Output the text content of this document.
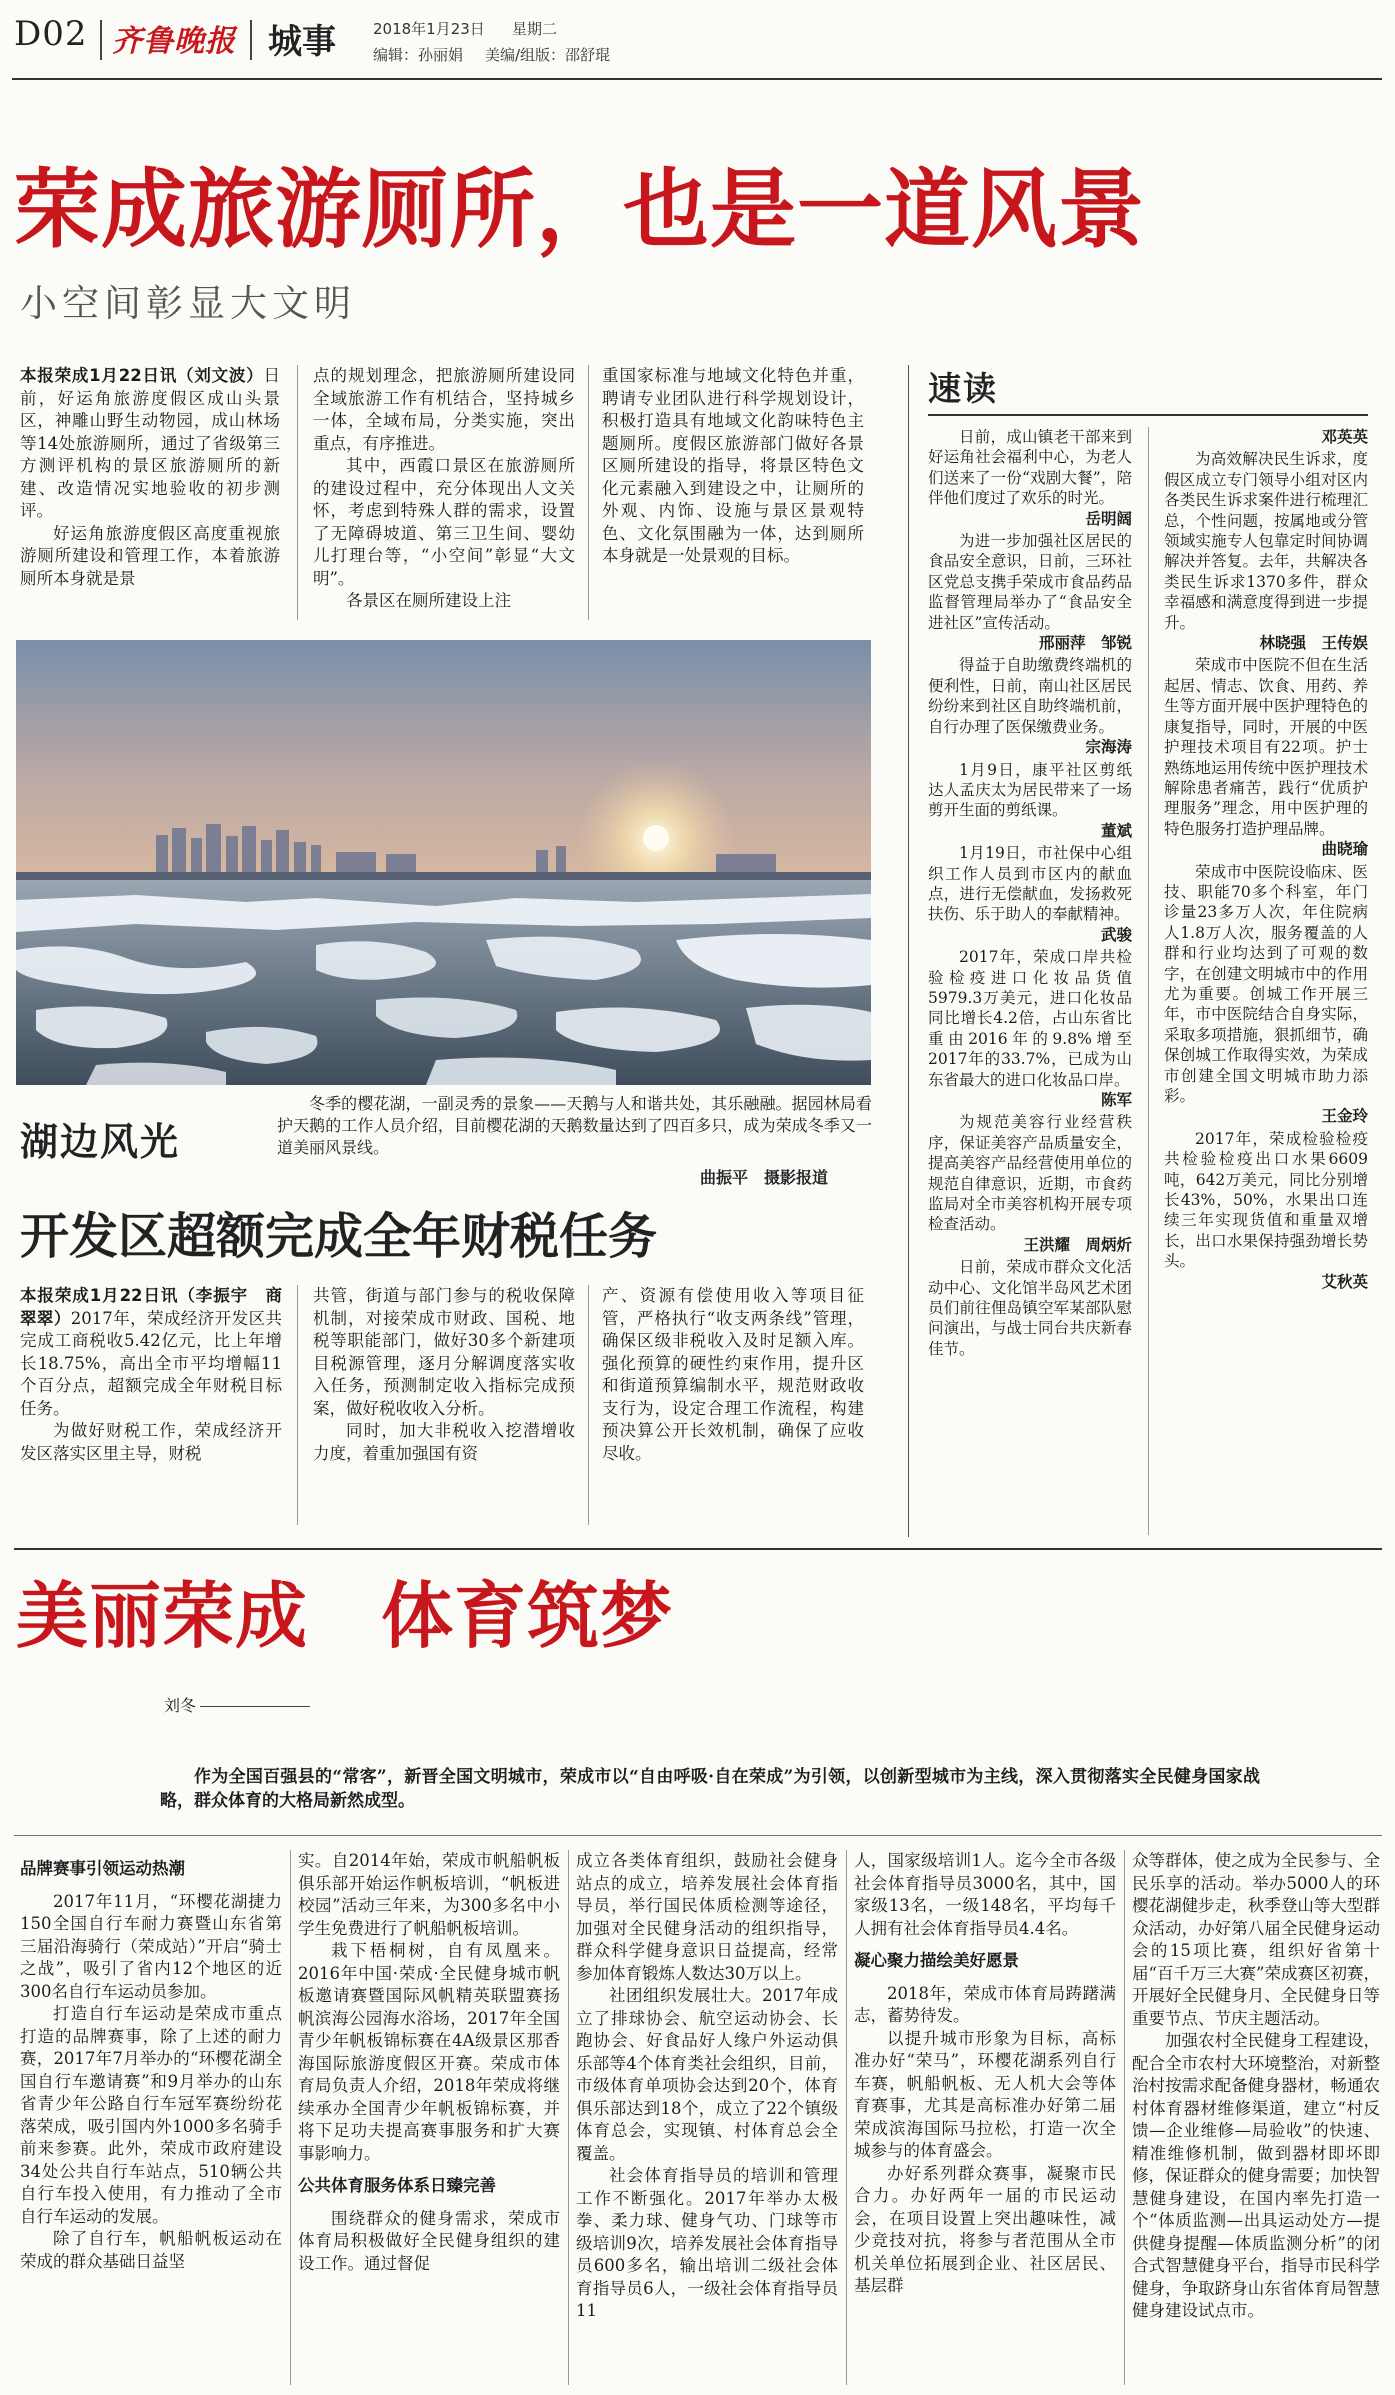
D02 齐鲁晚报 城事 2018年1月23日 星期二
编辑：孙丽娟 美编/组版：邵舒琨
荣成旅游厕所，也是一道风景
小空间彰显大文明

本报荣成1月22日讯（刘文波）日前，好运角旅游度假区成山头景区，神雕山野生动物园，成山林场等14处旅游厕所，通过了省级第三方测评机构的景区旅游厕所的新建、改造情况实地验收的初步测评。

好运角旅游度假区高度重视旅游厕所建设和管理工作，本着旅游厕所本身就是景

点的规划理念，把旅游厕所建设同全域旅游工作有机结合，坚持城乡一体，全域布局，分类实施，突出重点，有序推进。

其中，西霞口景区在旅游厕所的建设过程中，充分体现出人文关怀，考虑到特殊人群的需求，设置了无障碍坡道、第三卫生间、婴幼儿打理台等，“小空间”彰显“大文明”。

各景区在厕所建设上注

重国家标准与地域文化特色并重，聘请专业团队进行科学规划设计，积极打造具有地域文化韵味特色主题厕所。度假区旅游部门做好各景区厕所建设的指导，将景区特色文化元素融入到建设之中，让厕所的外观、内饰、设施与景区景观特色、文化氛围融为一体，达到厕所本身就是一处景观的目标。

湖边风光

冬季的樱花湖，一副灵秀的景象——天鹅与人和谐共处，其乐融融。据园林局看护天鹅的工作人员介绍，目前樱花湖的天鹅数量达到了四百多只，成为荣成冬季又一道美丽风景线。

曲振平　摄影报道
开发区超额完成全年财税任务

本报荣成1月22日讯（李振宇　商翠翠）2017年，荣成经济开发区共完成工商税收5.42亿元，比上年增长18.75%，高出全市平均增幅11个百分点，超额完成全年财税目标任务。

为做好财税工作，荣成经济开发区落实区里主导，财税

共管，街道与部门参与的税收保障机制，对接荣成市财政、国税、地税等职能部门，做好30多个新建项目税源管理，逐月分解调度落实收入任务，预测制定收入指标完成预案，做好税收收入分析。

同时，加大非税收入挖潜增收力度，着重加强国有资

产、资源有偿使用收入等项目征管，严格执行“收支两条线”管理，确保区级非税收入及时足额入库。强化预算的硬性约束作用，提升区和街道预算编制水平，规范财政收支行为，设定合理工作流程，构建预决算公开长效机制，确保了应收尽收。

速读

日前，成山镇老干部来到好运角社会福利中心，为老人们送来了一份“戏剧大餐”，陪伴他们度过了欢乐的时光。

岳明阔

为进一步加强社区居民的食品安全意识，日前，三环社区党总支携手荣成市食品药品监督管理局举办了“食品安全进社区”宣传活动。

邢丽萍　邹锐

得益于自助缴费终端机的便利性，日前，南山社区居民纷纷来到社区自助终端机前，自行办理了医保缴费业务。

宗海涛

1月9日，康平社区剪纸达人孟庆太为居民带来了一场剪开生面的剪纸课。

董斌

1月19日，市社保中心组织工作人员到市区内的献血点，进行无偿献血，发扬救死扶伤、乐于助人的奉献精神。

武骏

2017年，荣成口岸共检验检疫进口化妆品货值5979.3万美元，进口化妆品同比增长4.2倍，占山东省比重由2016年的9.8%增至2017年的33.7%，已成为山东省最大的进口化妆品口岸。

陈军

为规范美容行业经营秩序，保证美容产品质量安全，提高美容产品经营使用单位的规范自律意识，近期，市食药监局对全市美容机构开展专项检查活动。

王洪耀　周炳炘

日前，荣成市群众文化活动中心、文化馆半岛风艺术团员们前往俚岛镇空军某部队慰问演出，与战士同台共庆新春佳节。

邓英英

为高效解决民生诉求，度假区成立专门领导小组对区内各类民生诉求案件进行梳理汇总，个性问题，按属地或分管领域实施专人包靠定时间协调解决并答复。去年，共解决各类民生诉求1370多件，群众幸福感和满意度得到进一步提升。

林晓强　王传娱

荣成市中医院不但在生活起居、情志、饮食、用药、养生等方面开展中医护理特色的康复指导，同时，开展的中医护理技术项目有22项。护士熟练地运用传统中医护理技术解除患者痛苦，践行“优质护理服务”理念，用中医护理的特色服务打造护理品牌。

曲晓瑜

荣成市中医院设临床、医技、职能70多个科室，年门诊量23多万人次，年住院病人1.8万人次，服务覆盖的人群和行业均达到了可观的数字，在创建文明城市中的作用尤为重要。创城工作开展三年，市中医院结合自身实际，采取多项措施，狠抓细节，确保创城工作取得实效，为荣成市创建全国文明城市助力添彩。

王金玲

2017年，荣成检验检疫共检验检疫出口水果6609吨，642万美元，同比分别增长43%，50%，水果出口连续三年实现货值和重量双增长，出口水果保持强劲增长势头。

艾秋英

美丽荣成　体育筑梦
刘冬

作为全国百强县的“常客”，新晋全国文明城市，荣成市以“自由呼吸·自在荣成”为引领，以创新型城市为主线，深入贯彻落实全民健身国家战略，群众体育的大格局新然成型。

品牌赛事引领运动热潮

2017年11月，“环樱花湖捷力150全国自行车耐力赛暨山东省第三届沿海骑行（荣成站）”开启“骑士之战”，吸引了省内12个地区的近300名自行车运动员参加。

打造自行车运动是荣成市重点打造的品牌赛事，除了上述的耐力赛，2017年7月举办的“环樱花湖全国自行车邀请赛”和9月举办的山东省青少年公路自行车冠军赛纷纷花落荣成，吸引国内外1000多名骑手前来参赛。此外，荣成市政府建设34处公共自行车站点，510辆公共自行车投入使用，有力推动了全市自行车运动的发展。

除了自行车，帆船帆板运动在荣成的群众基础日益坚

实。自2014年始，荣成市帆船帆板俱乐部开始运作帆板培训，“帆板进校园”活动三年来，为300多名中小学生免费进行了帆船帆板培训。

栽下梧桐树，自有凤凰来。2016年中国·荣成·全民健身城市帆板邀请赛暨国际风帆精英联盟赛扬帆滨海公园海水浴场，2017年全国青少年帆板锦标赛在4A级景区那香海国际旅游度假区开赛。荣成市体育局负责人介绍，2018年荣成将继续承办全国青少年帆板锦标赛，并将下足功夫提高赛事服务和扩大赛事影响力。

公共体育服务体系日臻完善

围绕群众的健身需求，荣成市体育局积极做好全民健身组织的建设工作。通过督促

成立各类体育组织，鼓励社会健身站点的成立，培养发展社会体育指导员，举行国民体质检测等途径，加强对全民健身活动的组织指导，群众科学健身意识日益提高，经常参加体育锻炼人数达30万以上。

社团组织发展壮大。2017年成立了排球协会、航空运动协会、长跑协会、好食品好人缘户外运动俱乐部等4个体育类社会组织，目前，市级体育单项协会达到20个，体育俱乐部达到18个，成立了22个镇级体育总会，实现镇、村体育总会全覆盖。

社会体育指导员的培训和管理工作不断强化。2017年举办太极拳、柔力球、健身气功、门球等市级培训9次，培养发展社会体育指导员600多名，输出培训二级社会体育指导员6人，一级社会体育指导员11

人，国家级培训1人。迄今全市各级社会体育指导员3000名，其中，国家级13名，一级148名，平均每千人拥有社会体育指导员4.4名。

凝心聚力描绘美好愿景

2018年，荣成市体育局踌躇满志，蓄势待发。

以提升城市形象为目标，高标准办好“荣马”，环樱花湖系列自行车赛，帆船帆板、无人机大会等体育赛事，尤其是高标准办好第二届荣成滨海国际马拉松，打造一次全城参与的体育盛会。

办好系列群众赛事，凝聚市民合力。办好两年一届的市民运动会，在项目设置上突出趣味性，减少竞技对抗，将参与者范围从全市机关单位拓展到企业、社区居民、基层群

众等群体，使之成为全民参与、全民乐享的活动。举办5000人的环樱花湖健步走，秋季登山等大型群众活动，办好第八届全民健身运动会的15项比赛，组织好省第十届“百千万三大赛”荣成赛区初赛，开展好全民健身月、全民健身日等重要节点、节庆主题活动。

加强农村全民健身工程建设，配合全市农村大环境整治，对新整治村按需求配备健身器材，畅通农村体育器材维修渠道，建立“村反馈—企业维修—局验收”的快速、精准维修机制，做到器材即坏即修，保证群众的健身需要；加快智慧健身建设，在国内率先打造一个“体质监测—出具运动处方—提供健身提醒—体质监测分析”的闭合式智慧健身平台，指导市民科学健身，争取跻身山东省体育局智慧健身建设试点市。
